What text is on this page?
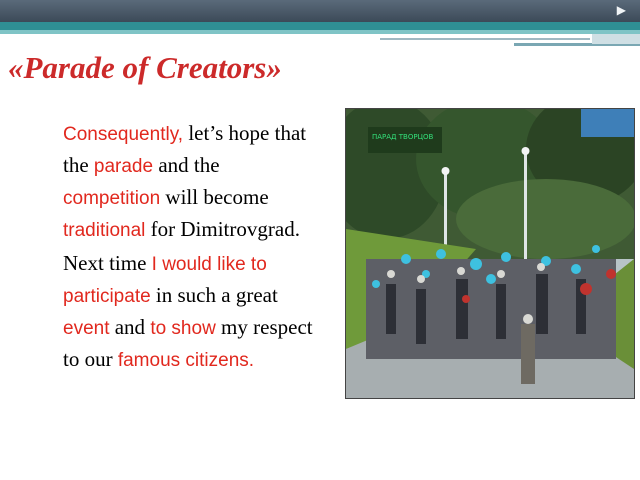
▶
«Parade of Creators»

Consequently, let’s hope that the parade and the competition will become traditional for Dimitrovgrad.

Next time I would like to participate in such a great event and to show my respect to our famous citizens.

ПАРАД ТВОРЦОВ
